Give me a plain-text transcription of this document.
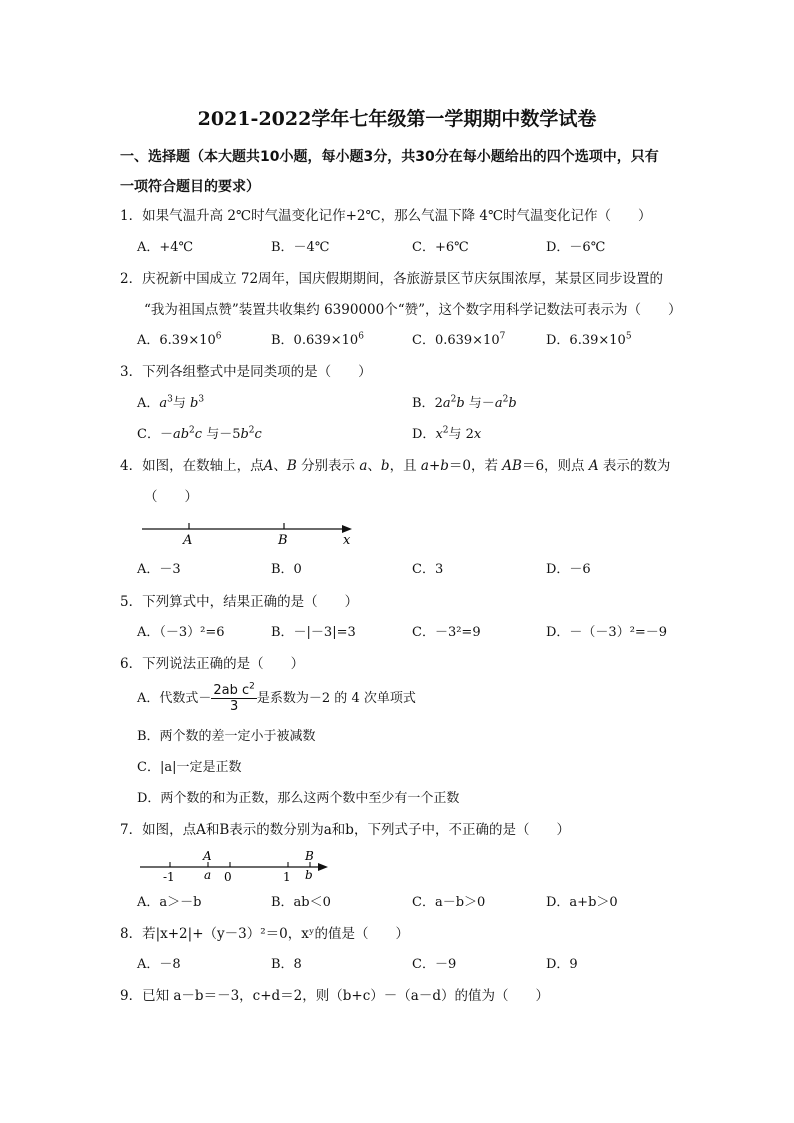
2021-2022学年七年级第一学期期中数学试卷
一、选择题（本大题共10小题，每小题3分，共30分在每小题给出的四个选项中，只有
一项符合题目的要求）
1．如果气温升高 2℃时气温变化记作+2℃，那么气温下降 4℃时气温变化记作（　　）
A．+4℃	B．－4℃	C．+6℃	D．－6℃
2．庆祝新中国成立 72周年，国庆假期期间，各旅游景区节庆氛围浓厚，某景区同步设置的
“我为祖国点赞”装置共收集约 6390000个“赞”，这个数字用科学记数法可表示为（　　）
A．$6.39\times 10^6$	B．$0.639\times 10^6$	C．$0.639\times 10^7$	D．$6.39\times 10^5$
3．下列各组整式中是同类项的是（　　）
A．$a^3$与 $b^3$	B．$2a^2b$ 与$-a^2b$
C．$-ab^2c$ 与$-5b^2c$	D．$x^2$与 2x
4．如图，在数轴上，点A、B 分别表示 a、b，且 a+b＝0，若 AB＝6，则点 A 表示的数为
（　　）
A	B	x
A．－3	B．0	C．3	D．－6
5．下列算式中，结果正确的是（　　）
A．（－3）²=6	B．－|－3|=3	C．－3²=9	D．－（－3）²=－9
6．下列说法正确的是（　　）
A．代数式－ $\frac{2ab c^2}{3}$ 是系数为－2 的 4 次单项式
B．两个数的差一定小于被减数
C．|a|一定是正数
D．两个数的和为正数，那么这两个数中至少有一个正数
7．如图，点A和B表示的数分别为a和b，下列式子中，不正确的是（　　）
A	B
-1 a 0	1 b
A．a＞－b	B．ab＜0	C．a－b＞0	D．a+b＞0
8．若|x+2|+（y－3）²＝0，xʸ的值是（　　）
A．－8	B．8	C．－9	D．9
9．已知 a－b＝－3，c+d＝2，则（b+c）－（a－d）的值为（　　）
